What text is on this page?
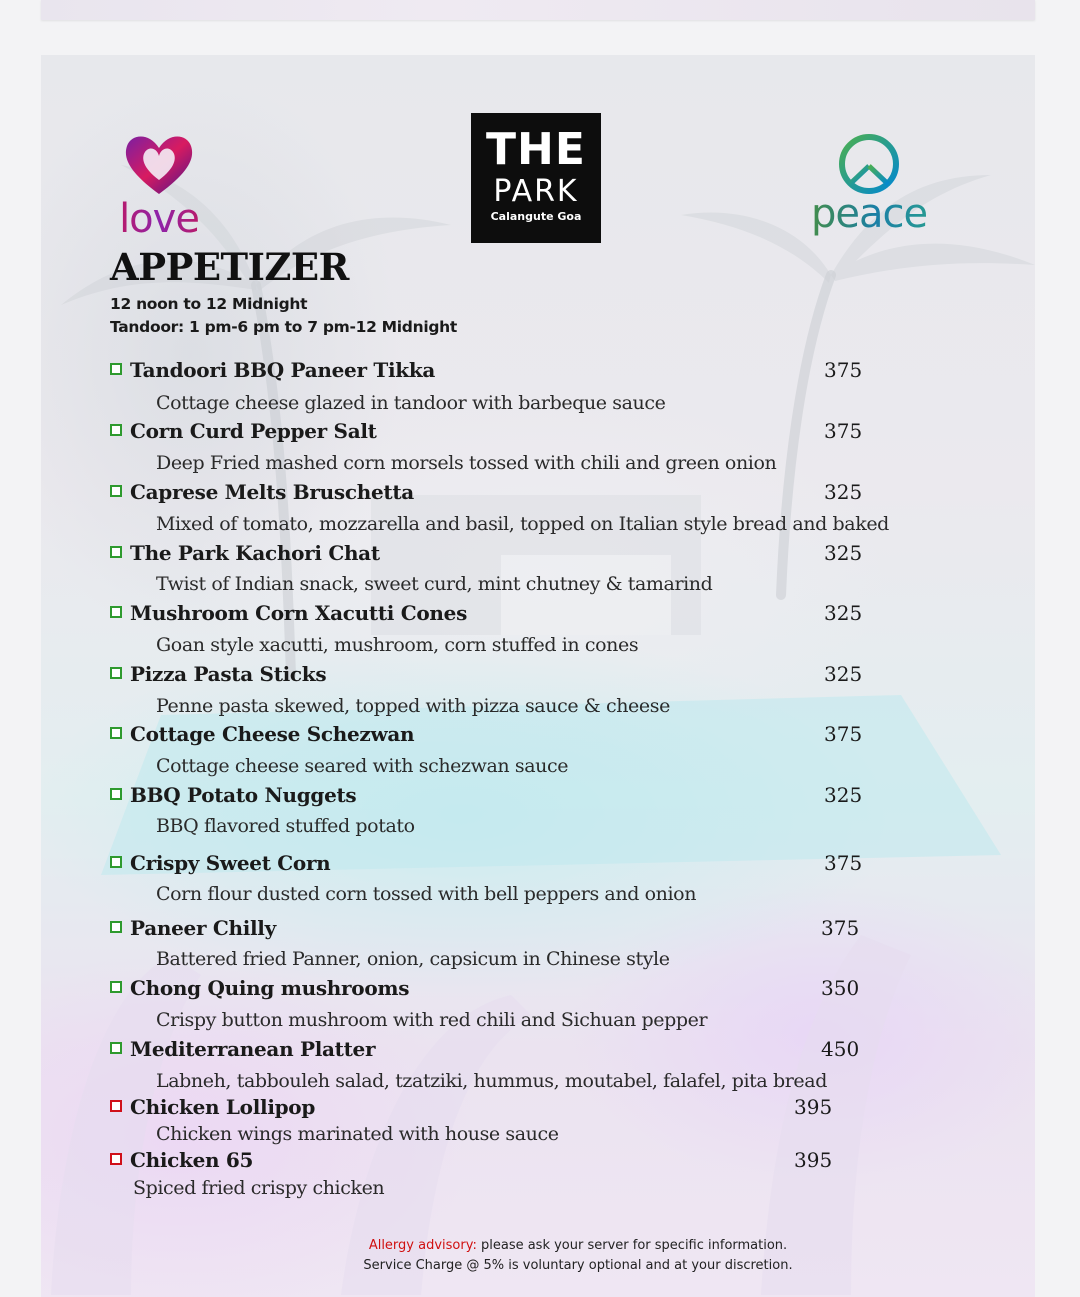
love
THE
PARK
Calangute Goa	peace
APPETIZER
12 noon to 12 Midnight
Tandoor: 1 pm-6 pm to 7 pm-12 Midnight
Tandoori BBQ Paneer Tikka	375
Cottage cheese glazed in tandoor with barbeque sauce
Corn Curd Pepper Salt	375
Deep Fried mashed corn morsels tossed with chili and green onion
Caprese Melts Bruschetta	325
Mixed of tomato, mozzarella and basil, topped on Italian style bread and baked
The Park Kachori Chat	325
Twist of Indian snack, sweet curd, mint chutney & tamarind
Mushroom Corn Xacutti Cones	325
Goan style xacutti, mushroom, corn stuffed in cones
Pizza Pasta Sticks	325
Penne pasta skewed, topped with pizza sauce & cheese
Cottage Cheese Schezwan	375
Cottage cheese seared with schezwan sauce
BBQ Potato Nuggets	325
BBQ flavored stuffed potato
Crispy Sweet Corn	375
Corn flour dusted corn tossed with bell peppers and onion
Paneer Chilly	375
Battered fried Panner, onion, capsicum in Chinese style
Chong Quing mushrooms	350
Crispy button mushroom with red chili and Sichuan pepper
Mediterranean Platter	450
Labneh, tabbouleh salad, tzatziki, hummus, moutabel, falafel, pita bread
Chicken Lollipop	395
Chicken wings marinated with house sauce
Chicken 65	395
Spiced fried crispy chicken
Allergy advisory: please ask your server for specific information.
Service Charge @ 5% is voluntary optional and at your discretion.
